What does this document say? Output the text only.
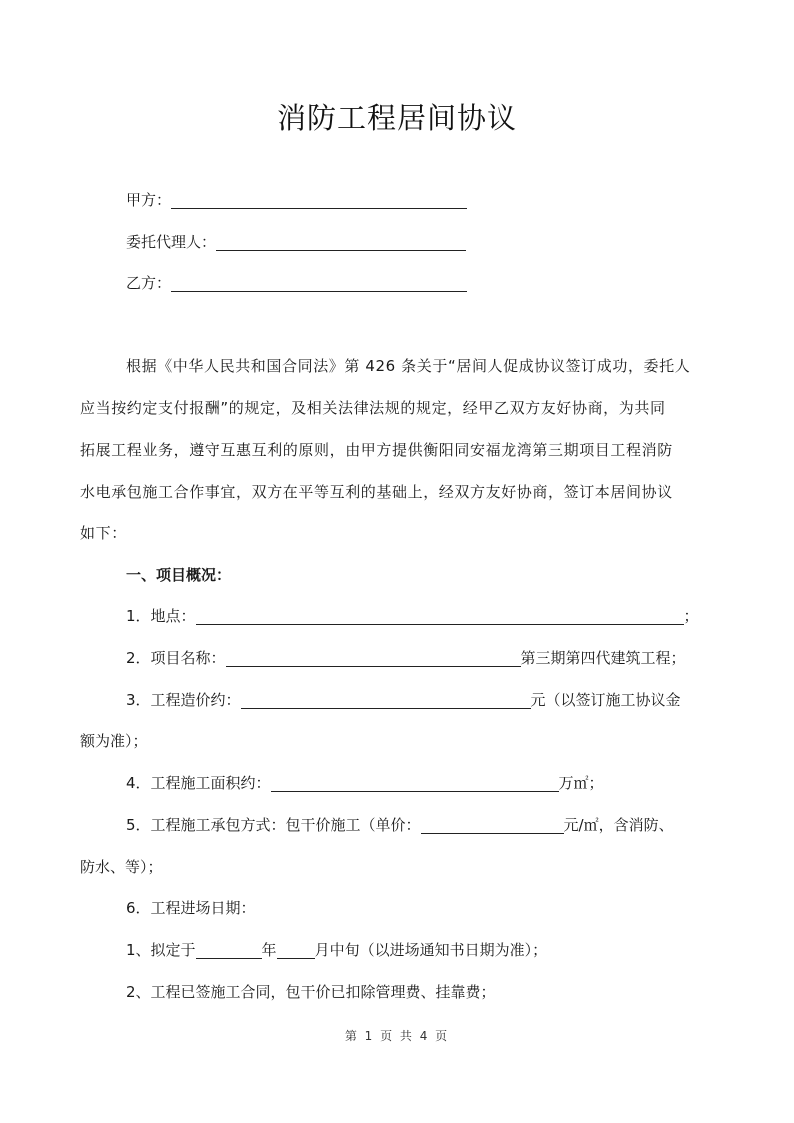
消防工程居间协议
甲方：
委托代理人：
乙方：
根据《中华人民共和国合同法》第 426 条关于“居间人促成协议签订成功，委托人
应当按约定支付报酬”的规定，及相关法律法规的规定，经甲乙双方友好协商，为共同
拓展工程业务，遵守互惠互利的原则，由甲方提供衡阳同安福龙湾第三期项目工程消防
水电承包施工合作事宜，双方在平等互利的基础上，经双方友好协商，签订本居间协议
如下：
一、项目概况：
1．地点：	；
2．项目名称：	第三期第四代建筑工程；
3．工程造价约：	元（以签订施工协议金
额为准）；
4．工程施工面积约：	万㎡；
5．工程施工承包方式：包干价施工（单价：	元/㎡，含消防、
防水、等）；
6．工程进场日期：
1、拟定于	年	月中旬（以进场通知书日期为准）；
2、工程已签施工合同，包干价已扣除管理费、挂靠费；
第 1 页 共 4 页
